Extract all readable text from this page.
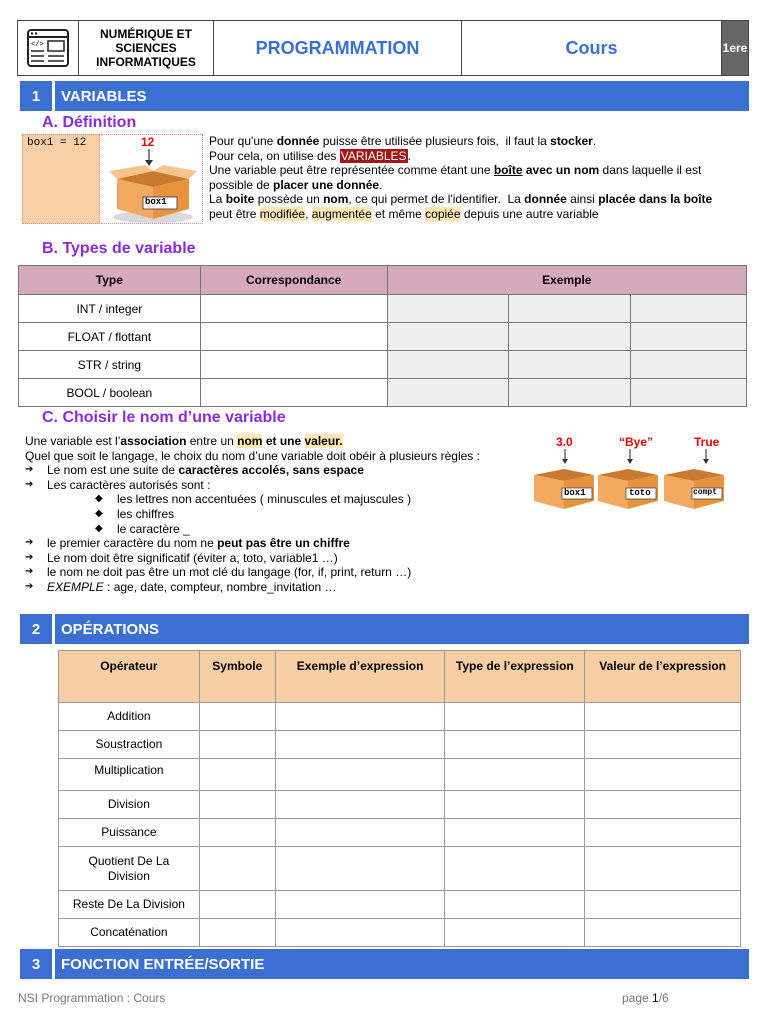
</>
NUMÉRIQUE ET SCIENCES INFORMATIQUES
PROGRAMMATION	Cours	1ere
1	VARIABLES
A. Définition
box1 = 12	12
box1
Pour qu'une donnée puisse être utilisée plusieurs fois,  il faut la stocker.
Pour cela, on utilise des VARIABLES.
Une variable peut être représentée comme étant une boîte avec un nom dans laquelle il est possible de placer une donnée.
La boite possède un nom, ce qui permet de l'identifier.  La donnée ainsi placée dans la boîte peut être modifiée, augmentée et même copiée depuis une autre variable
B. Types de variable
Type	Correspondance	Exemple		
INT / integer				
FLOAT / flottant				
STR / string				
BOOL / boolean				
C. Choisir le nom d’une variable
Une variable est l’association entre un nom et une valeur.
Quel que soit le langage, le choix du nom d’une variable doit obéir à plusieurs règles :
➔ Le nom est une suite de caractères accolés, sans espace
➔ Les caractères autorisés sont :
◆ les lettres non accentuées ( minuscules et majuscules )
◆ les chiffres
◆ le caractère _
➔ le premier caractère du nom ne peut pas être un chiffre
➔ Le nom doit être significatif (éviter a, toto, variable1 …)
➔ le nom ne doit pas être un mot clé du langage (for, if, print, return …)
➔ EXEMPLE : age, date, compteur, nombre_invitation …
3.0	“Bye”	True
box1	toto	compt
2	OPÉRATIONS
Opérateur	Symbole	Exemple d’expression	Type de l’expression	Valeur de l’expression
Addition				
Soustraction				
Multiplication				
Division				
Puissance				
Quotient De La Division				
Reste De La Division				
Concaténation				
3	FONCTION ENTRÉE/SORTIE
NSI Programmation : Cours	page 1/6
